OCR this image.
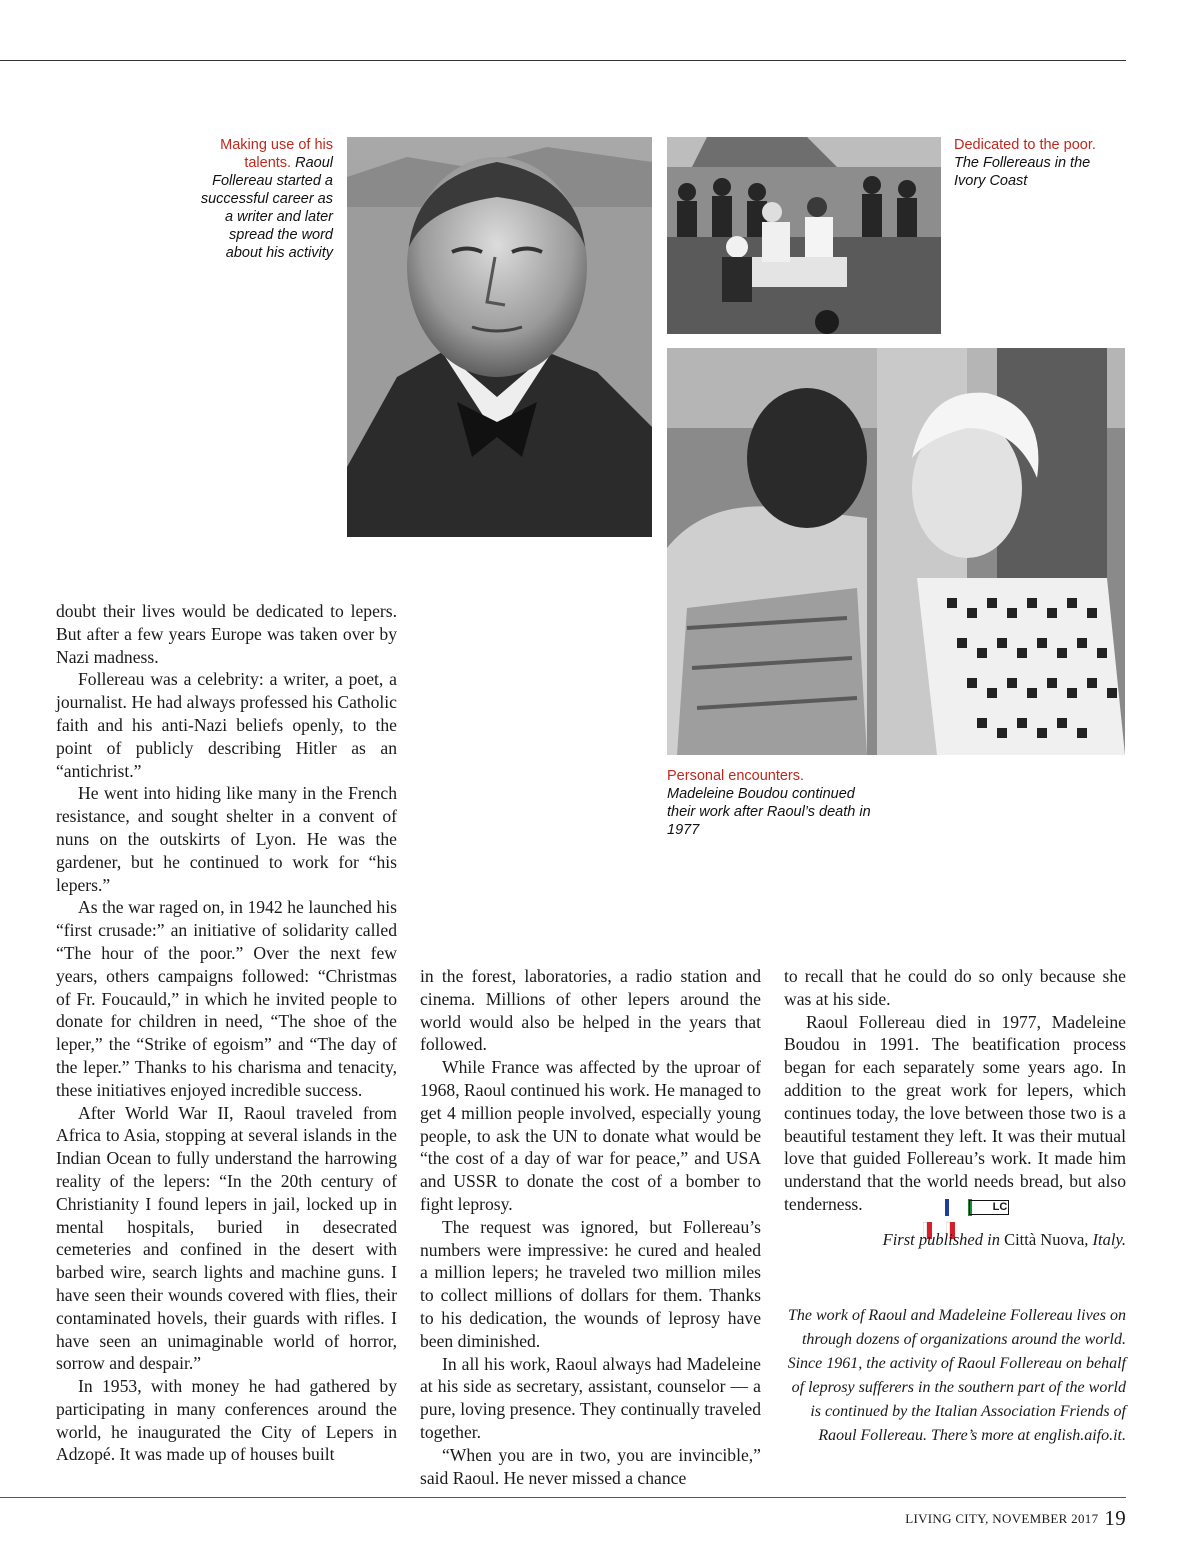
Making use of his talents. Raoul Follereau started a successful career as a writer and later spread the word about his activity
Dedicated to the poor. The Follereaus in the Ivory Coast
Personal encounters.
Madeleine Boudou continued their work after Raoul’s death in 1977

doubt their lives would be dedicated to lepers. But after a few years Europe was taken over by Nazi madness.

Follereau was a celebrity: a writer, a poet, a journalist. He had always professed his Catholic faith and his anti-Nazi beliefs openly, to the point of publicly describing Hitler as an “antichrist.”

He went into hiding like many in the French resistance, and sought shelter in a convent of nuns on the outskirts of Lyon. He was the gardener, but he continued to work for “his lepers.”

As the war raged on, in 1942 he launched his “first crusade:” an initiative of solidarity called “The hour of the poor.” Over the next few years, others campaigns followed: “Christmas of Fr. Foucauld,” in which he invited people to donate for children in need, “The shoe of the leper,” the “Strike of egoism” and “The day of the leper.” Thanks to his charisma and tenacity, these initiatives enjoyed incredible success.

After World War II, Raoul traveled from Africa to Asia, stopping at several islands in the Indian Ocean to fully understand the harrowing reality of the lepers: “In the 20th century of Christianity I found lepers in jail, locked up in mental hospitals, buried in desecrated cemeteries and confined in the desert with barbed wire, search lights and machine guns. I have seen their wounds covered with flies, their contaminated hovels, their guards with rifles. I have seen an unimaginable world of horror, sorrow and despair.”

In 1953, with money he had gathered by participating in many conferences around the world, he inaugurated the City of Lepers in Adzopé. It was made up of houses built

in the forest, laboratories, a radio station and cinema. Millions of other lepers around the world would also be helped in the years that followed.

While France was affected by the uproar of 1968, Raoul continued his work. He managed to get 4 million people involved, especially young people, to ask the UN to donate what would be “the cost of a day of war for peace,” and USA and USSR to donate the cost of a bomber to fight leprosy.

The request was ignored, but Follereau’s numbers were impressive: he cured and healed a million lepers; he traveled two million miles to collect millions of dollars for them. Thanks to his dedication, the wounds of leprosy have been diminished.

In all his work, Raoul always had Madeleine at his side as secretary, assistant, counselor — a pure, loving presence. They continually traveled together.

“When you are in two, you are invincible,” said Raoul. He never missed a chance

to recall that he could do so only because she was at his side.

Raoul Follereau died in 1977, Madeleine Boudou in 1991. The beatification process began for each separately some years ago. In addition to the great work for lepers, which continues today, the love between those two is a beautiful testament they left. It was their mutual love that guided Follereau’s work. It made him understand that the world needs bread, but also tenderness.	LC

First published in Città Nuova, Italy.
The work of Raoul and Madeleine Follereau lives on through dozens of organizations around the world. Since 1961, the activity of Raoul Follereau on behalf of leprosy sufferers in the southern part of the world is continued by the Italian Association Friends of Raoul Follereau. There’s more at english.aifo.it.
LIVING CITY, NOVEMBER 2017 19
